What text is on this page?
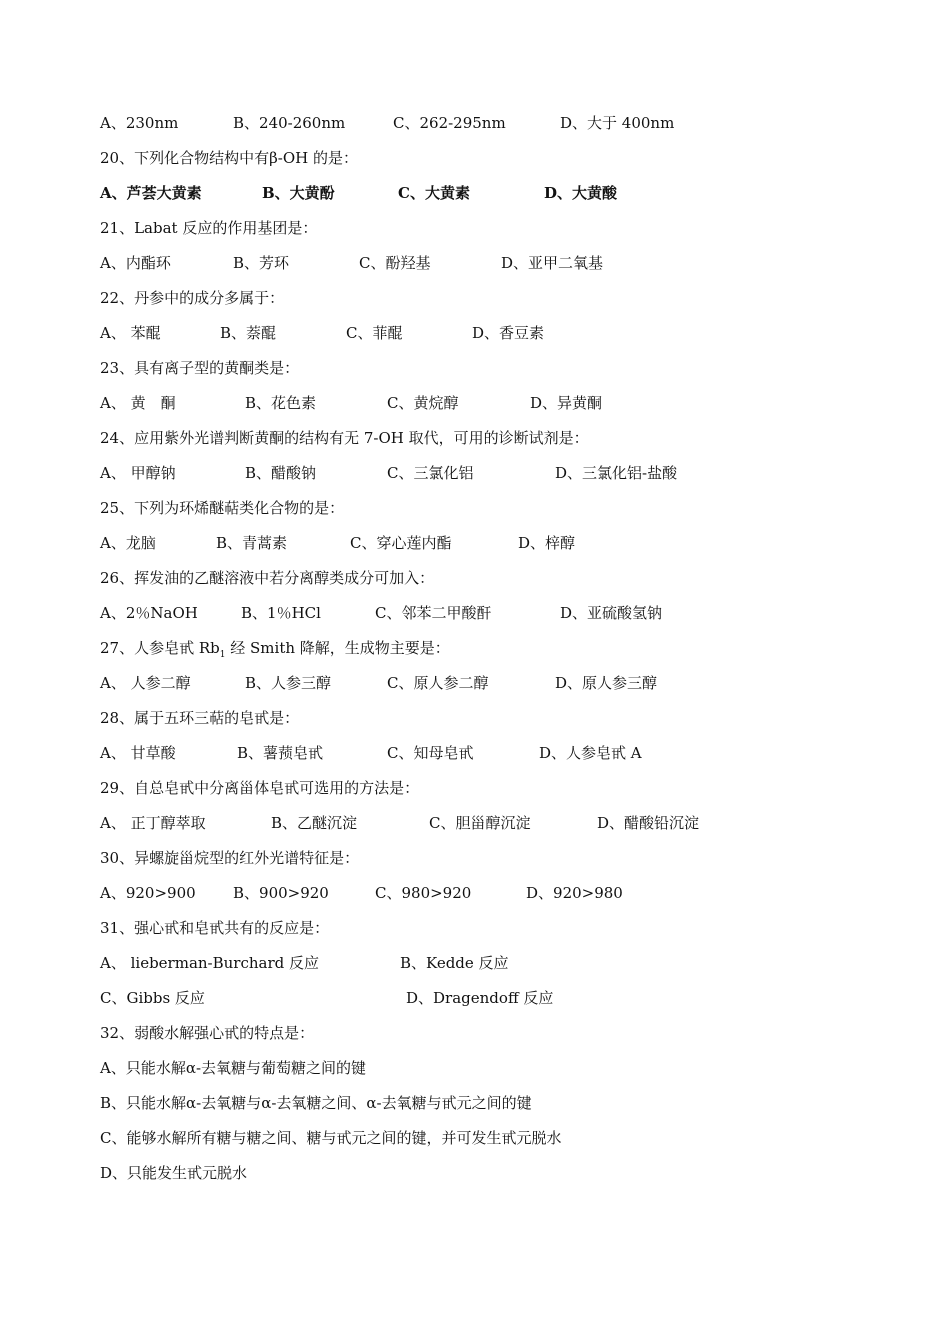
A、230nm	B、240-260nm	C、262-295nm	D、大于 400nm
20、下列化合物结构中有β-OH 的是：
A、芦荟大黄素	B、大黄酚	C、大黄素	D、大黄酸
21、Labat 反应的作用基团是：
A、内酯环	B、芳环	C、酚羟基	D、亚甲二氧基
22、丹参中的成分多属于：
A、 苯醌	B、萘醌	C、菲醌	D、香豆素
23、具有离子型的黄酮类是：
A、 黄　酮	B、花色素	C、黄烷醇	D、异黄酮
24、应用紫外光谱判断黄酮的结构有无 7-OH 取代，可用的诊断试剂是：
A、 甲醇钠	B、醋酸钠	C、三氯化铝	D、三氯化铝-盐酸
25、下列为环烯醚萜类化合物的是：
A、龙脑	B、青蒿素	C、穿心莲内酯	D、梓醇
26、挥发油的乙醚溶液中若分离醇类成分可加入：
A、2％NaOH	B、1％HCl	C、邻苯二甲酸酐	D、亚硫酸氢钠
27、人参皂甙 $Rb_1$ 经 Smith 降解，生成物主要是：
A、 人参二醇	B、人参三醇	C、原人参二醇	D、原人参三醇
28、属于五环三萜的皂甙是：
A、 甘草酸	B、薯蓣皂甙	C、知母皂甙	D、人参皂甙 A
29、自总皂甙中分离甾体皂甙可选用的方法是：
A、 正丁醇萃取	B、乙醚沉淀	C、胆甾醇沉淀	D、醋酸铅沉淀
30、异螺旋甾烷型的红外光谱特征是：
A、920>900 B、900>920	C、980>920	D、920>980
31、强心甙和皂甙共有的反应是：
A、 lieberman-Burchard 反应	B、Kedde 反应
C、Gibbs 反应	D、Dragendoff 反应
32、弱酸水解强心甙的特点是：
A、只能水解α-去氧糖与葡萄糖之间的键
B、只能水解α-去氧糖与α-去氧糖之间、α-去氧糖与甙元之间的键
C、能够水解所有糖与糖之间、糖与甙元之间的键，并可发生甙元脱水
D、只能发生甙元脱水
